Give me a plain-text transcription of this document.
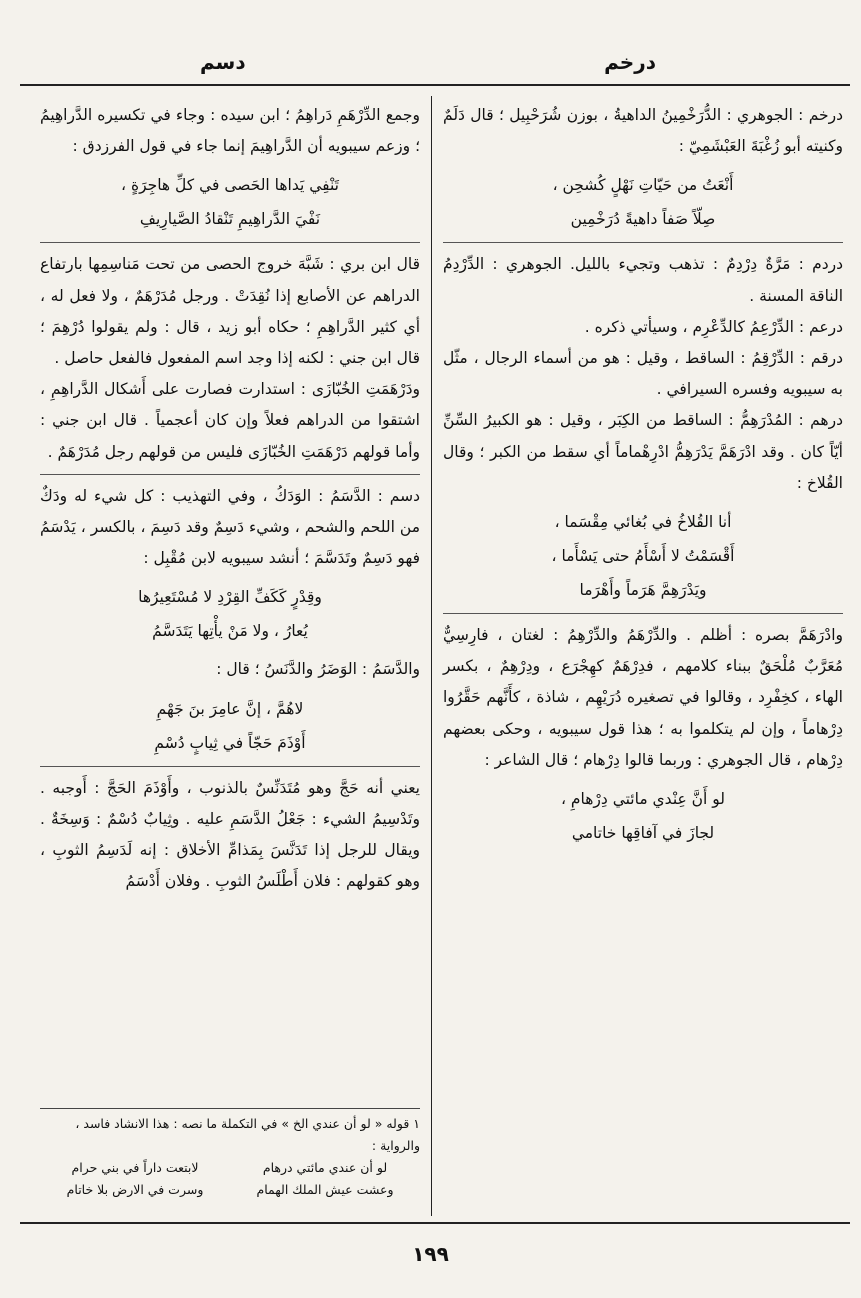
درخم
دسم

درخم : الجوهري : الدُّرَخْمِينُ الداهيةُ ، بوزن شُرَحْبِيل ؛ قال دَلَمٌ وكنيته أبو زُغْبَةَ العَبْشَمِيّ :

أَنْعَتُ من حَيّاتِ نَهْلٍ كُشحِن ،
صِلّاً صَفاً داهيةً دُرَخْمِين

دردم : مَرَّةٌ دِرْدِمٌ : تذهب وتجيء بالليل. الجوهري : الدِّرْدِمُ الناقة المسنة .

درعم : الدِّرْعِمُ كالدِّعْرِم ، وسيأتي ذكره .

درقم : الدِّرْقِمُ : الساقط ، وقيل : هو من أسماء الرجال ، مثّل به سيبويه وفسره السيرافي .

درهم : المُدْرَهِمُّ : الساقط من الكِبَر ، وقيل : هو الكبيرُ السِّنِّ أيّاً كان . وقد ادْرَهَمَّ يَدْرَهِمُّ ادْرِهْماماً أي سقط من الكبر ؛ وقال القُلاخ :

أنا القُلاخُ في بُغائي مِقْسَما ،
أَقْسَمْتُ لا أَسْأَمُ حتى يَسْأَما ،
ويَدْرَهِمَّ هَرَماً وأَهْرَما

وادْرَهَمَّ بصره : أظلم . والدِّرْهَمُ والدِّرْهِمُ : لغتان ، فارِسِيٌّ مُعَرَّبٌ مُلْحَقٌ ببناء كلامهم ، فدِرْهَمٌ كهِجْرَع ، ودِرْهِمٌ ، بكسر الهاء ، كخِفْرِد ، وقالوا في تصغيره دُرَيْهِم ، شاذة ، كأَنَّهم حَقَّرُوا دِرْهاماً ، وإن لم يتكلموا به ؛ هذا قول سيبويه ، وحكى بعضهم دِرْهام ، قال الجوهري : وربما قالوا دِرْهام ؛ قال الشاعر :

لو أَنَّ عِنْدي مائتي دِرْهامِ ،
لجازَ في آفاقِها خاتامي

وجمع الدِّرْهَمِ دَراهِمُ ؛ ابن سيده : وجاء في تكسيره الدَّراهِيمُ ؛ وزعم سيبويه أن الدَّراهِيمَ إنما جاء في قول الفرزدق :

تَنْفِي يَداها الحَصى في كلِّ هاجِرَةٍ ،
نَفْيَ الدَّراهِيمِ تَنْقادُ الصَّيارِيفِ

قال ابن بري : شَبَّهَ خروج الحصى من تحت مَناسِمِها بارتفاع الدراهم عن الأصابع إذا نُقِدَتْ . ورجل مُدَرْهَمٌ ، ولا فعل له ، أي كثير الدَّراهِمِ ؛ حكاه أبو زيد ، قال : ولم يقولوا دُرْهِمَ ؛ قال ابن جني : لكنه إذا وجد اسم المفعول فالفعل حاصل .

ودَرْهَمَتِ الخُبّازَى : استدارت فصارت على أَشكال الدَّراهِمِ ، اشتقوا من الدراهم فعلاً وإن كان أعجمياً . قال ابن جني : وأما قولهم دَرْهَمَتِ الخُبّازَى فليس من قولهم رجل مُدَرْهَمٌ .

دسم : الدَّسَمُ : الوَدَكُ ، وفي التهذيب : كل شيء له ودَكٌ من اللحم والشحم ، وشيء دَسِمٌ وقد دَسِمَ ، بالكسر ، يَدْسَمُ فهو دَسِمٌ وتَدَسَّمَ ؛ أنشد سيبويه لابن مُقْبِل :

وقِدْرٍ كَكَفِّ القِرْدِ لا مُسْتَعِيرُها
يُعارُ ، ولا مَنْ يأْتِها يَتَدَسَّمُ

والدَّسَمُ : الوَضَرُ والدَّنَسُ ؛ قال :

لاهُمَّ ، إنَّ عامِرَ بنَ جَهْمِ
أَوْذَمَ حَجّاً في ثِيابٍ دُسْمِ

يعني أنه حَجَّ وهو مُتَدَنِّسٌ بالذنوب ، وأَوْذَمَ الحَجَّ : أَوجبه . وتَدْسِيمُ الشيء : جَعْلُ الدَّسَمِ عليه . وثِيابٌ دُسْمٌ : وَسِخَةٌ . ويقال للرجل إذا تَدَنَّسَ بِمَذامِّ الأخلاق : إنه لَدَسِمُ الثوبِ ، وهو كقولهم : فلان أَطْلَسُ الثوبِ . وفلان أَدْسَمُ

١ قوله « لو أن عندي الخ » في التكملة ما نصه : هذا الانشاد فاسد ، والرواية :
لو أن عندي مائتي درهام
لابتعت داراً في بني حرام
وعشت عيش الملك الهمام
وسرت في الارض بلا خاتام
١٩٩
